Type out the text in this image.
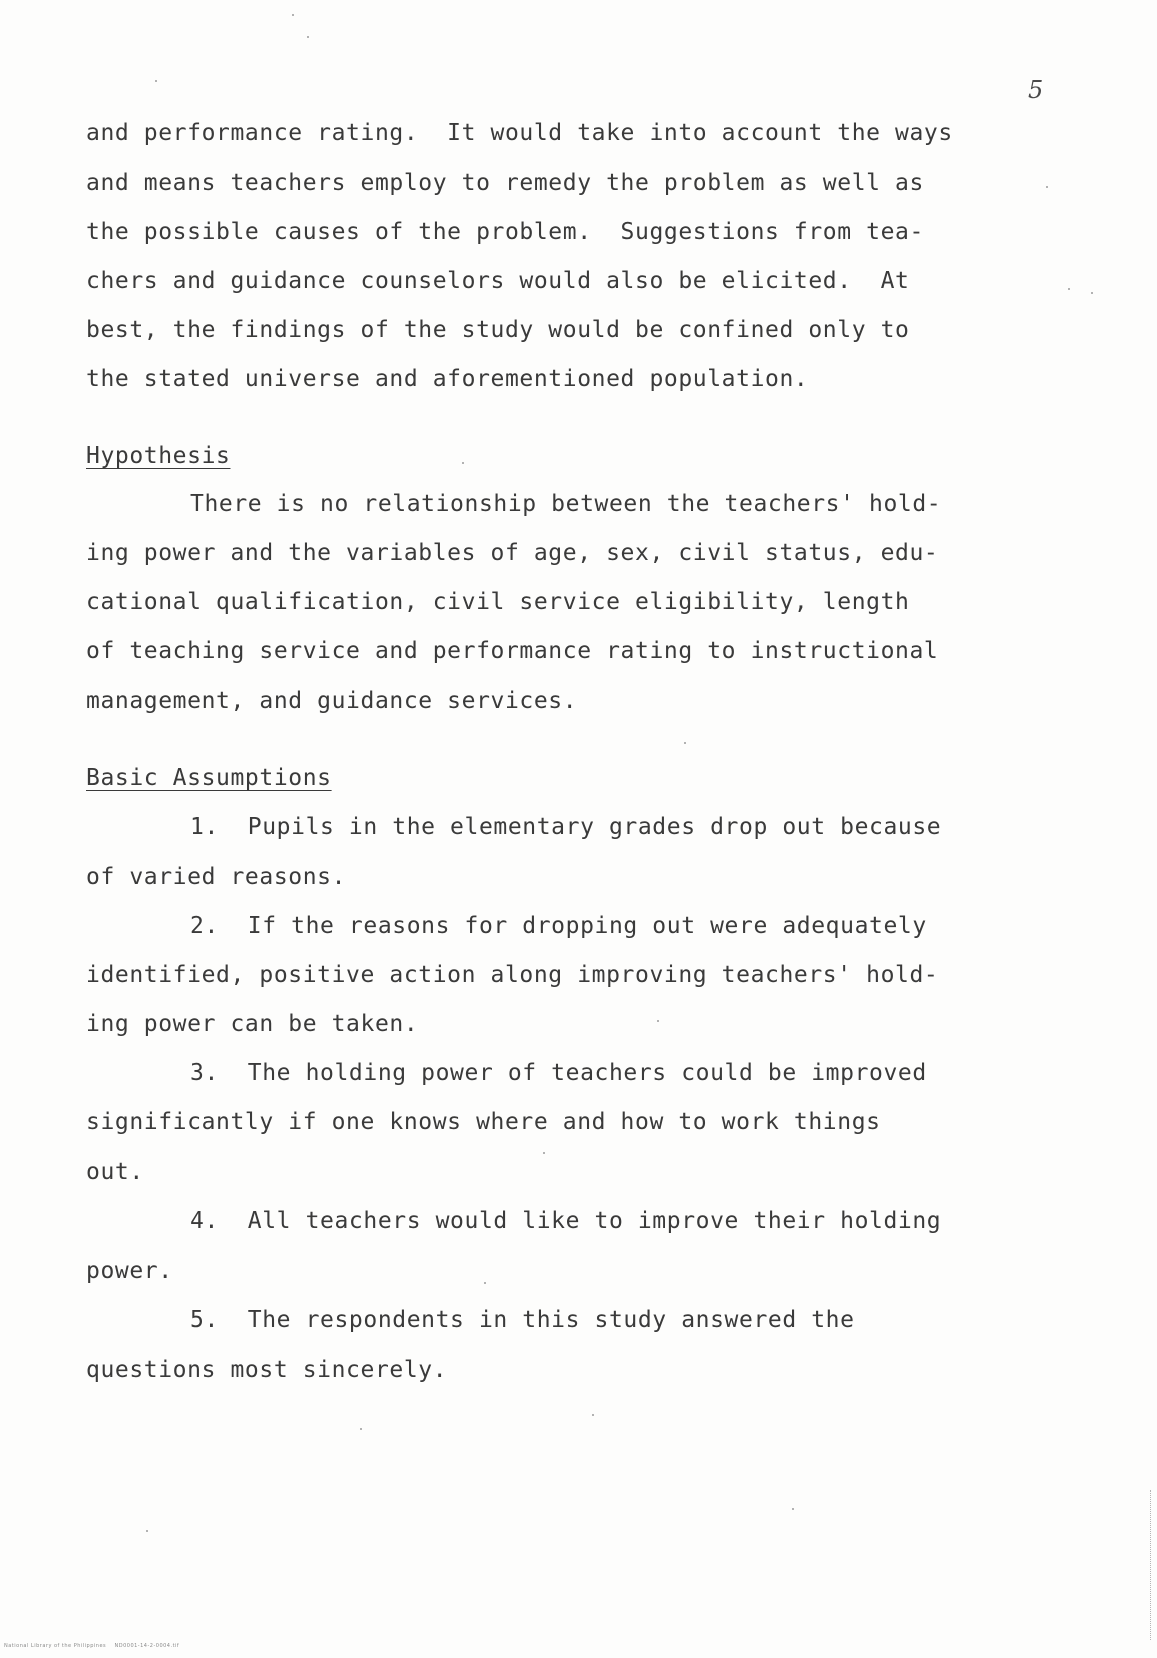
5
and performance rating.  It would take into account the ways
and means teachers employ to remedy the problem as well as
the possible causes of the problem.  Suggestions from tea-
chers and guidance counselors would also be elicited.  At
best, the findings of the study would be confined only to
the stated universe and aforementioned population.
Hypothesis
There is no relationship between the teachers' hold-
ing power and the variables of age, sex, civil status, edu-
cational qualification, civil service eligibility, length
of teaching service and performance rating to instructional
management, and guidance services.
Basic Assumptions
1.  Pupils in the elementary grades drop out because
of varied reasons.
2.  If the reasons for dropping out were adequately
identified, positive action along improving teachers' hold-
ing power can be taken.
3.  The holding power of teachers could be improved
significantly if one knows where and how to work things
out.
4.  All teachers would like to improve their holding
power.
5.  The respondents in this study answered the
questions most sincerely.
National Library of the Philippines    ND0001-14-2-0004.tif
